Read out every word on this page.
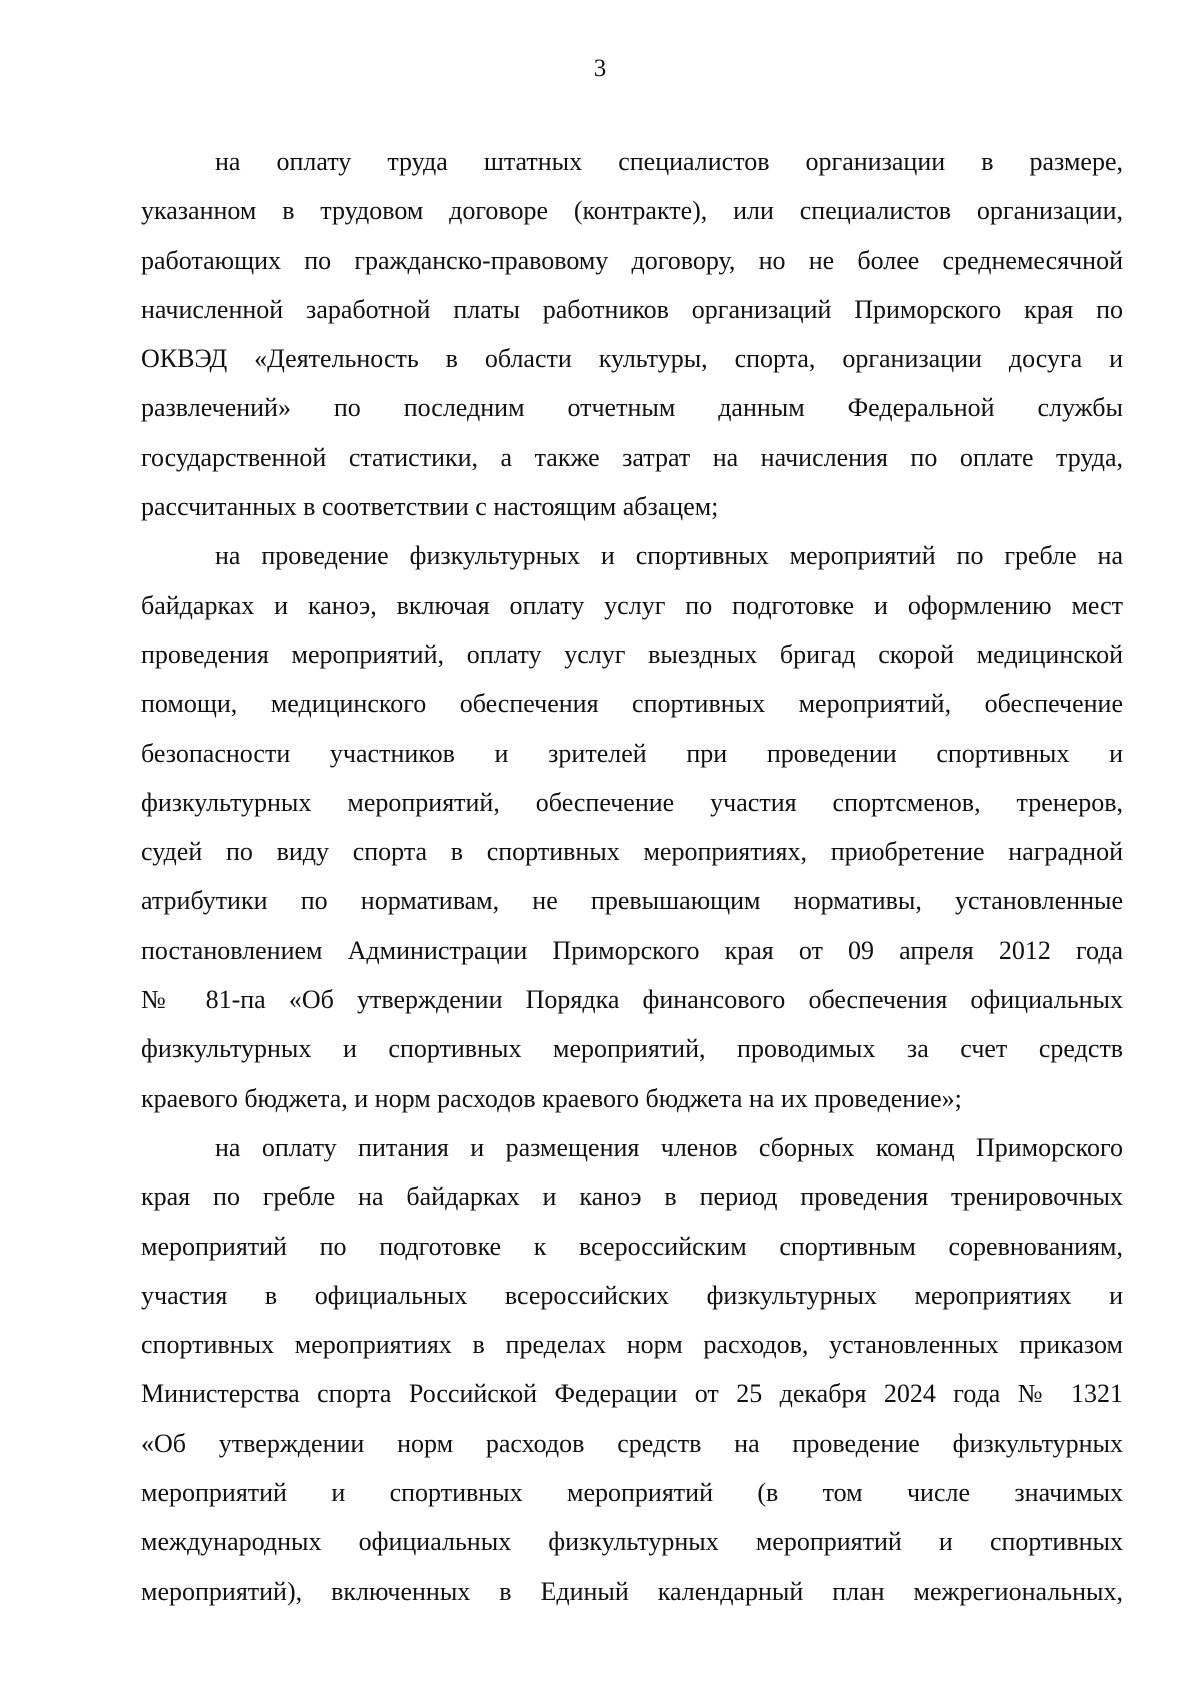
3
на оплату труда штатных специалистов организации в размере,
указанном в трудовом договоре (контракте), или специалистов организации,
работающих по гражданско-правовому договору, но не более среднемесячной
начисленной заработной платы работников организаций Приморского края по
ОКВЭД «Деятельность в области культуры, спорта, организации досуга и
развлечений» по последним отчетным данным Федеральной службы
государственной статистики, а также затрат на начисления по оплате труда,
рассчитанных в соответствии с настоящим абзацем;
на проведение физкультурных и спортивных мероприятий по гребле на
байдарках и каноэ, включая оплату услуг по подготовке и оформлению мест
проведения мероприятий, оплату услуг выездных бригад скорой медицинской
помощи, медицинского обеспечения спортивных мероприятий, обеспечение
безопасности участников и зрителей при проведении спортивных и
физкультурных мероприятий, обеспечение участия спортсменов, тренеров,
судей по виду спорта в спортивных мероприятиях, приобретение наградной
атрибутики по нормативам, не превышающим нормативы, установленные
постановлением Администрации Приморского края от 09 апреля 2012 года
№ 81-па «Об утверждении Порядка финансового обеспечения официальных
физкультурных и спортивных мероприятий, проводимых за счет средств
краевого бюджета, и норм расходов краевого бюджета на их проведение»;
на оплату питания и размещения членов сборных команд Приморского
края по гребле на байдарках и каноэ в период проведения тренировочных
мероприятий по подготовке к всероссийским спортивным соревнованиям,
участия в официальных всероссийских физкультурных мероприятиях и
спортивных мероприятиях в пределах норм расходов, установленных приказом
Министерства спорта Российской Федерации от 25 декабря 2024 года № 1321
«Об утверждении норм расходов средств на проведение физкультурных
мероприятий и спортивных мероприятий (в том числе значимых
международных официальных физкультурных мероприятий и спортивных
мероприятий), включенных в Единый календарный план межрегиональных,
